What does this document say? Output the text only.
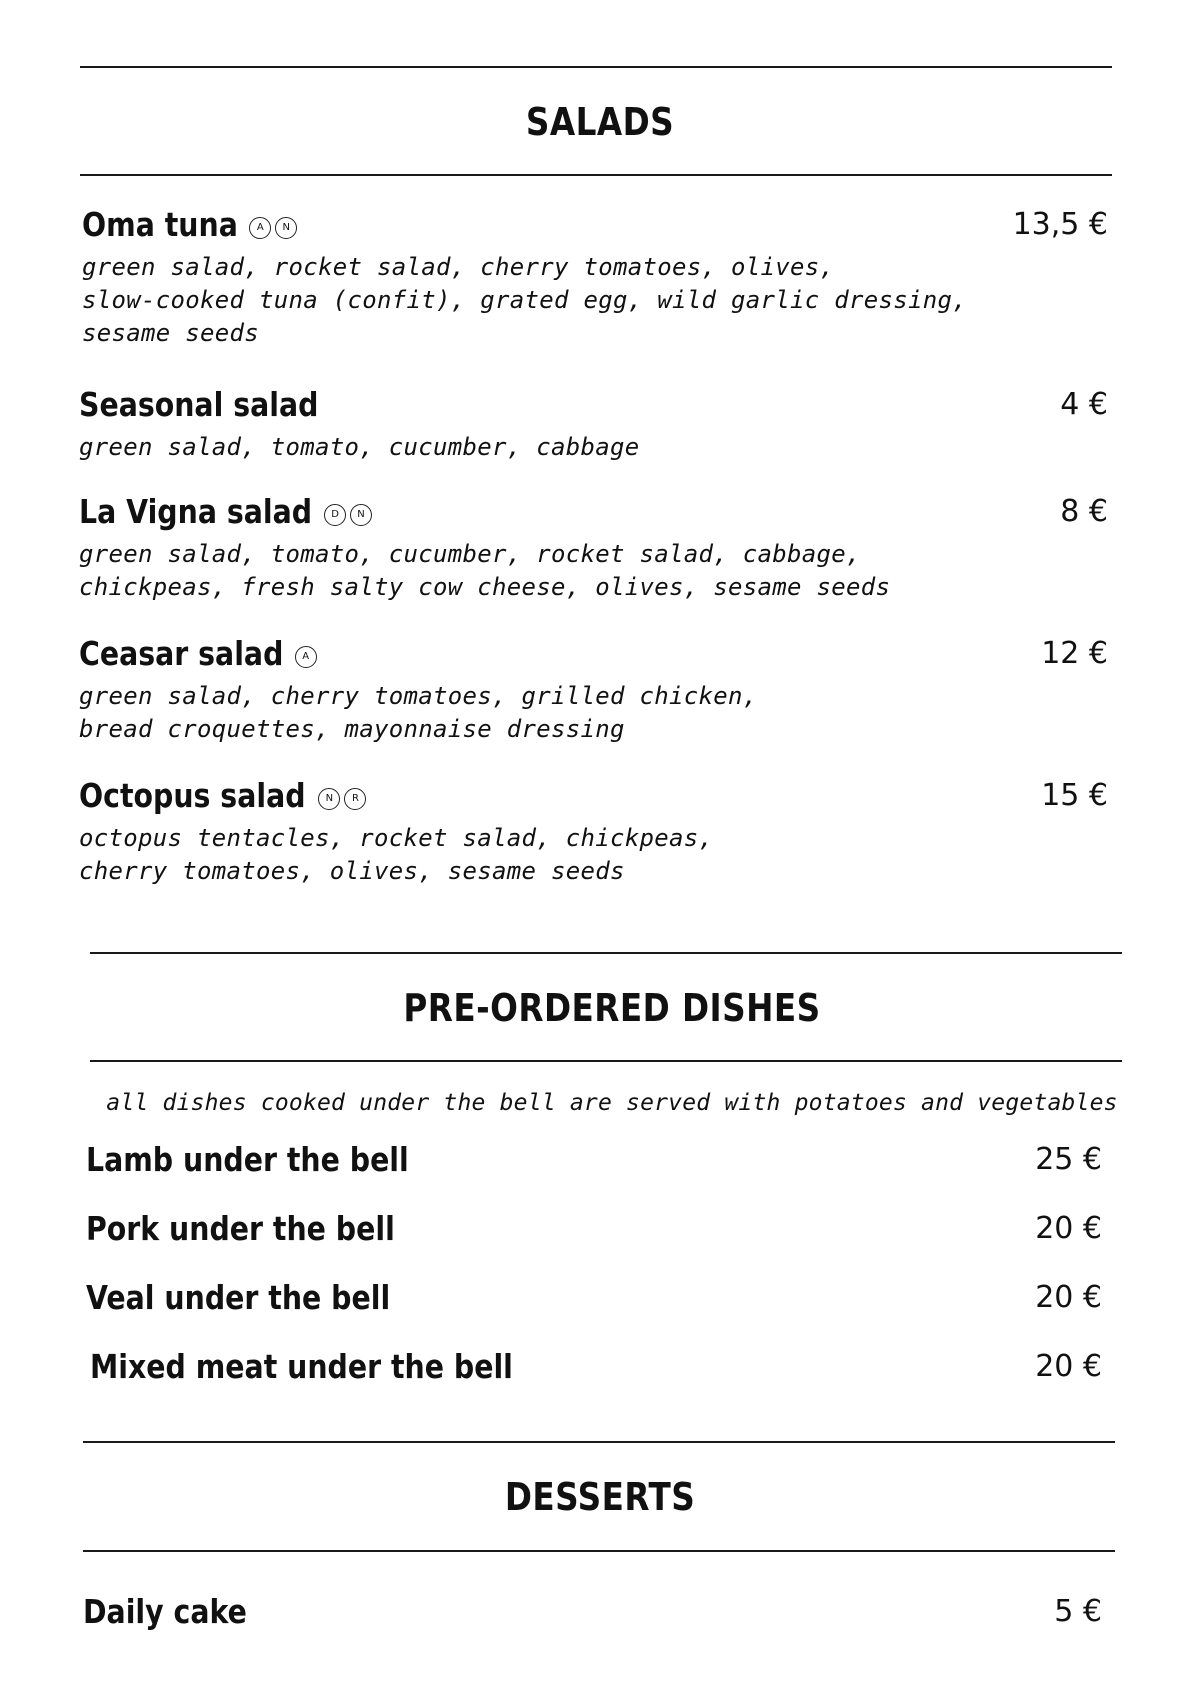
SALADS
Oma tuna	A	N	13,5 €

green salad, rocket salad, cherry tomatoes, olives,
slow-cooked tuna (confit), grated egg, wild garlic dressing,
sesame seeds

Seasonal salad	4 €

green salad, tomato, cucumber, cabbage

La Vigna salad	D	N	8 €

green salad, tomato, cucumber, rocket salad, cabbage,
chickpeas, fresh salty cow cheese, olives, sesame seeds

Ceasar salad	A	12 €

green salad, cherry tomatoes, grilled chicken,
bread croquettes, mayonnaise dressing

Octopus salad	N	R	15 €

octopus tentacles, rocket salad, chickpeas,
cherry tomatoes, olives, sesame seeds

PRE-ORDERED DISHES
all dishes cooked under the bell are served with potatoes and vegetables
Lamb under the bell	25 €
Pork under the bell	20 €
Veal under the bell	20 €
Mixed meat under the bell	20 €
DESSERTS
Daily cake	5 €
